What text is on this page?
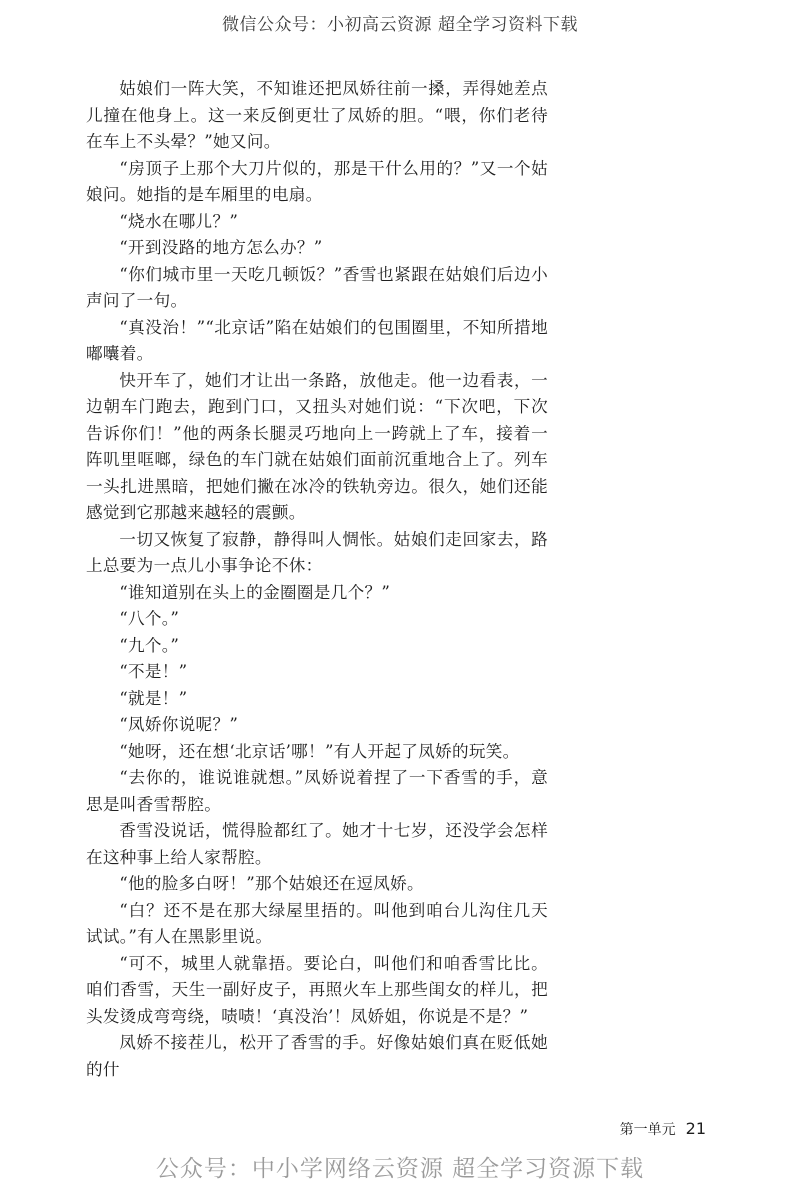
微信公众号：小初高云资源 超全学习资料下载

姑娘们一阵大笑，不知谁还把凤娇往前一搡，弄得她差点儿撞在他身上。这一来反倒更壮了凤娇的胆。“喂，你们老待在车上不头晕？”她又问。

“房顶子上那个大刀片似的，那是干什么用的？”又一个姑娘问。她指的是车厢里的电扇。

“烧水在哪儿？”

“开到没路的地方怎么办？”

“你们城市里一天吃几顿饭？”香雪也紧跟在姑娘们后边小声问了一句。

“真没治！”“北京话”陷在姑娘们的包围圈里，不知所措地嘟囔着。

快开车了，她们才让出一条路，放他走。他一边看表，一边朝车门跑去，跑到门口，又扭头对她们说：“下次吧，下次告诉你们！”他的两条长腿灵巧地向上一跨就上了车，接着一阵叽里哐啷，绿色的车门就在姑娘们面前沉重地合上了。列车一头扎进黑暗，把她们撇在冰冷的铁轨旁边。很久，她们还能感觉到它那越来越轻的震颤。

一切又恢复了寂静，静得叫人惆怅。姑娘们走回家去，路上总要为一点儿小事争论不休：

“谁知道别在头上的金圈圈是几个？”

“八个。”

“九个。”

“不是！”

“就是！”

“凤娇你说呢？”

“她呀，还在想‘北京话’哪！”有人开起了凤娇的玩笑。

“去你的，谁说谁就想。”凤娇说着捏了一下香雪的手，意思是叫香雪帮腔。

香雪没说话，慌得脸都红了。她才十七岁，还没学会怎样在这种事上给人家帮腔。

“他的脸多白呀！”那个姑娘还在逗凤娇。

“白？还不是在那大绿屋里捂的。叫他到咱台儿沟住几天试试。”有人在黑影里说。

“可不，城里人就靠捂。要论白，叫他们和咱香雪比比。咱们香雪，天生一副好皮子，再照火车上那些闺女的样儿，把头发烫成弯弯绕，啧啧！‘真没治’！凤娇姐，你说是不是？”

凤娇不接茬儿，松开了香雪的手。好像姑娘们真在贬低她的什

第一单元 21
公众号：中小学网络云资源 超全学习资源下载
